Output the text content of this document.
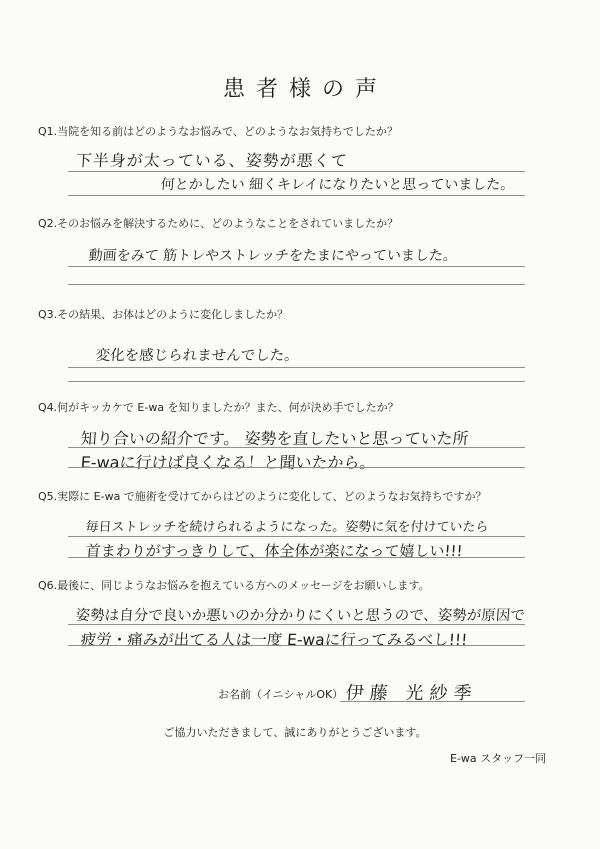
患者様の声
Q1.当院を知る前はどのようなお悩みで、どのようなお気持ちでしたか？
下半身が太っている、姿勢が悪くて
何とかしたい 細くキレイになりたいと思っていました。
Q2.そのお悩みを解決するために、どのようなことをされていましたか？
動画をみて 筋トレやストレッチをたまにやっていました。
Q3.その結果、お体はどのように変化しましたか？
変化を感じられませんでした。
Q4.何がキッカケで E-wa を知りましたか？また、何が決め手でしたか？
知り合いの紹介です。 姿勢を直したいと思っていた所
E-waに行けば良くなる！と聞いたから。
Q5.実際に E-wa で施術を受けてからはどのように変化して、どのようなお気持ちですか？
毎日ストレッチを続けられるようになった。姿勢に気を付けていたら
首まわりがすっきりして、体全体が楽になって嬉しい!!!
Q6.最後に、同じようなお悩みを抱えている方へのメッセージをお願いします。
姿勢は自分で良いか悪いのか分かりにくいと思うので、姿勢が原因で
疲労・痛みが出てる人は一度 E-waに行ってみるべし!!!
お名前（イニシャルOK） 伊藤 光紗季
ご協力いただきまして、誠にありがとうございます。
E-wa スタッフ一同
